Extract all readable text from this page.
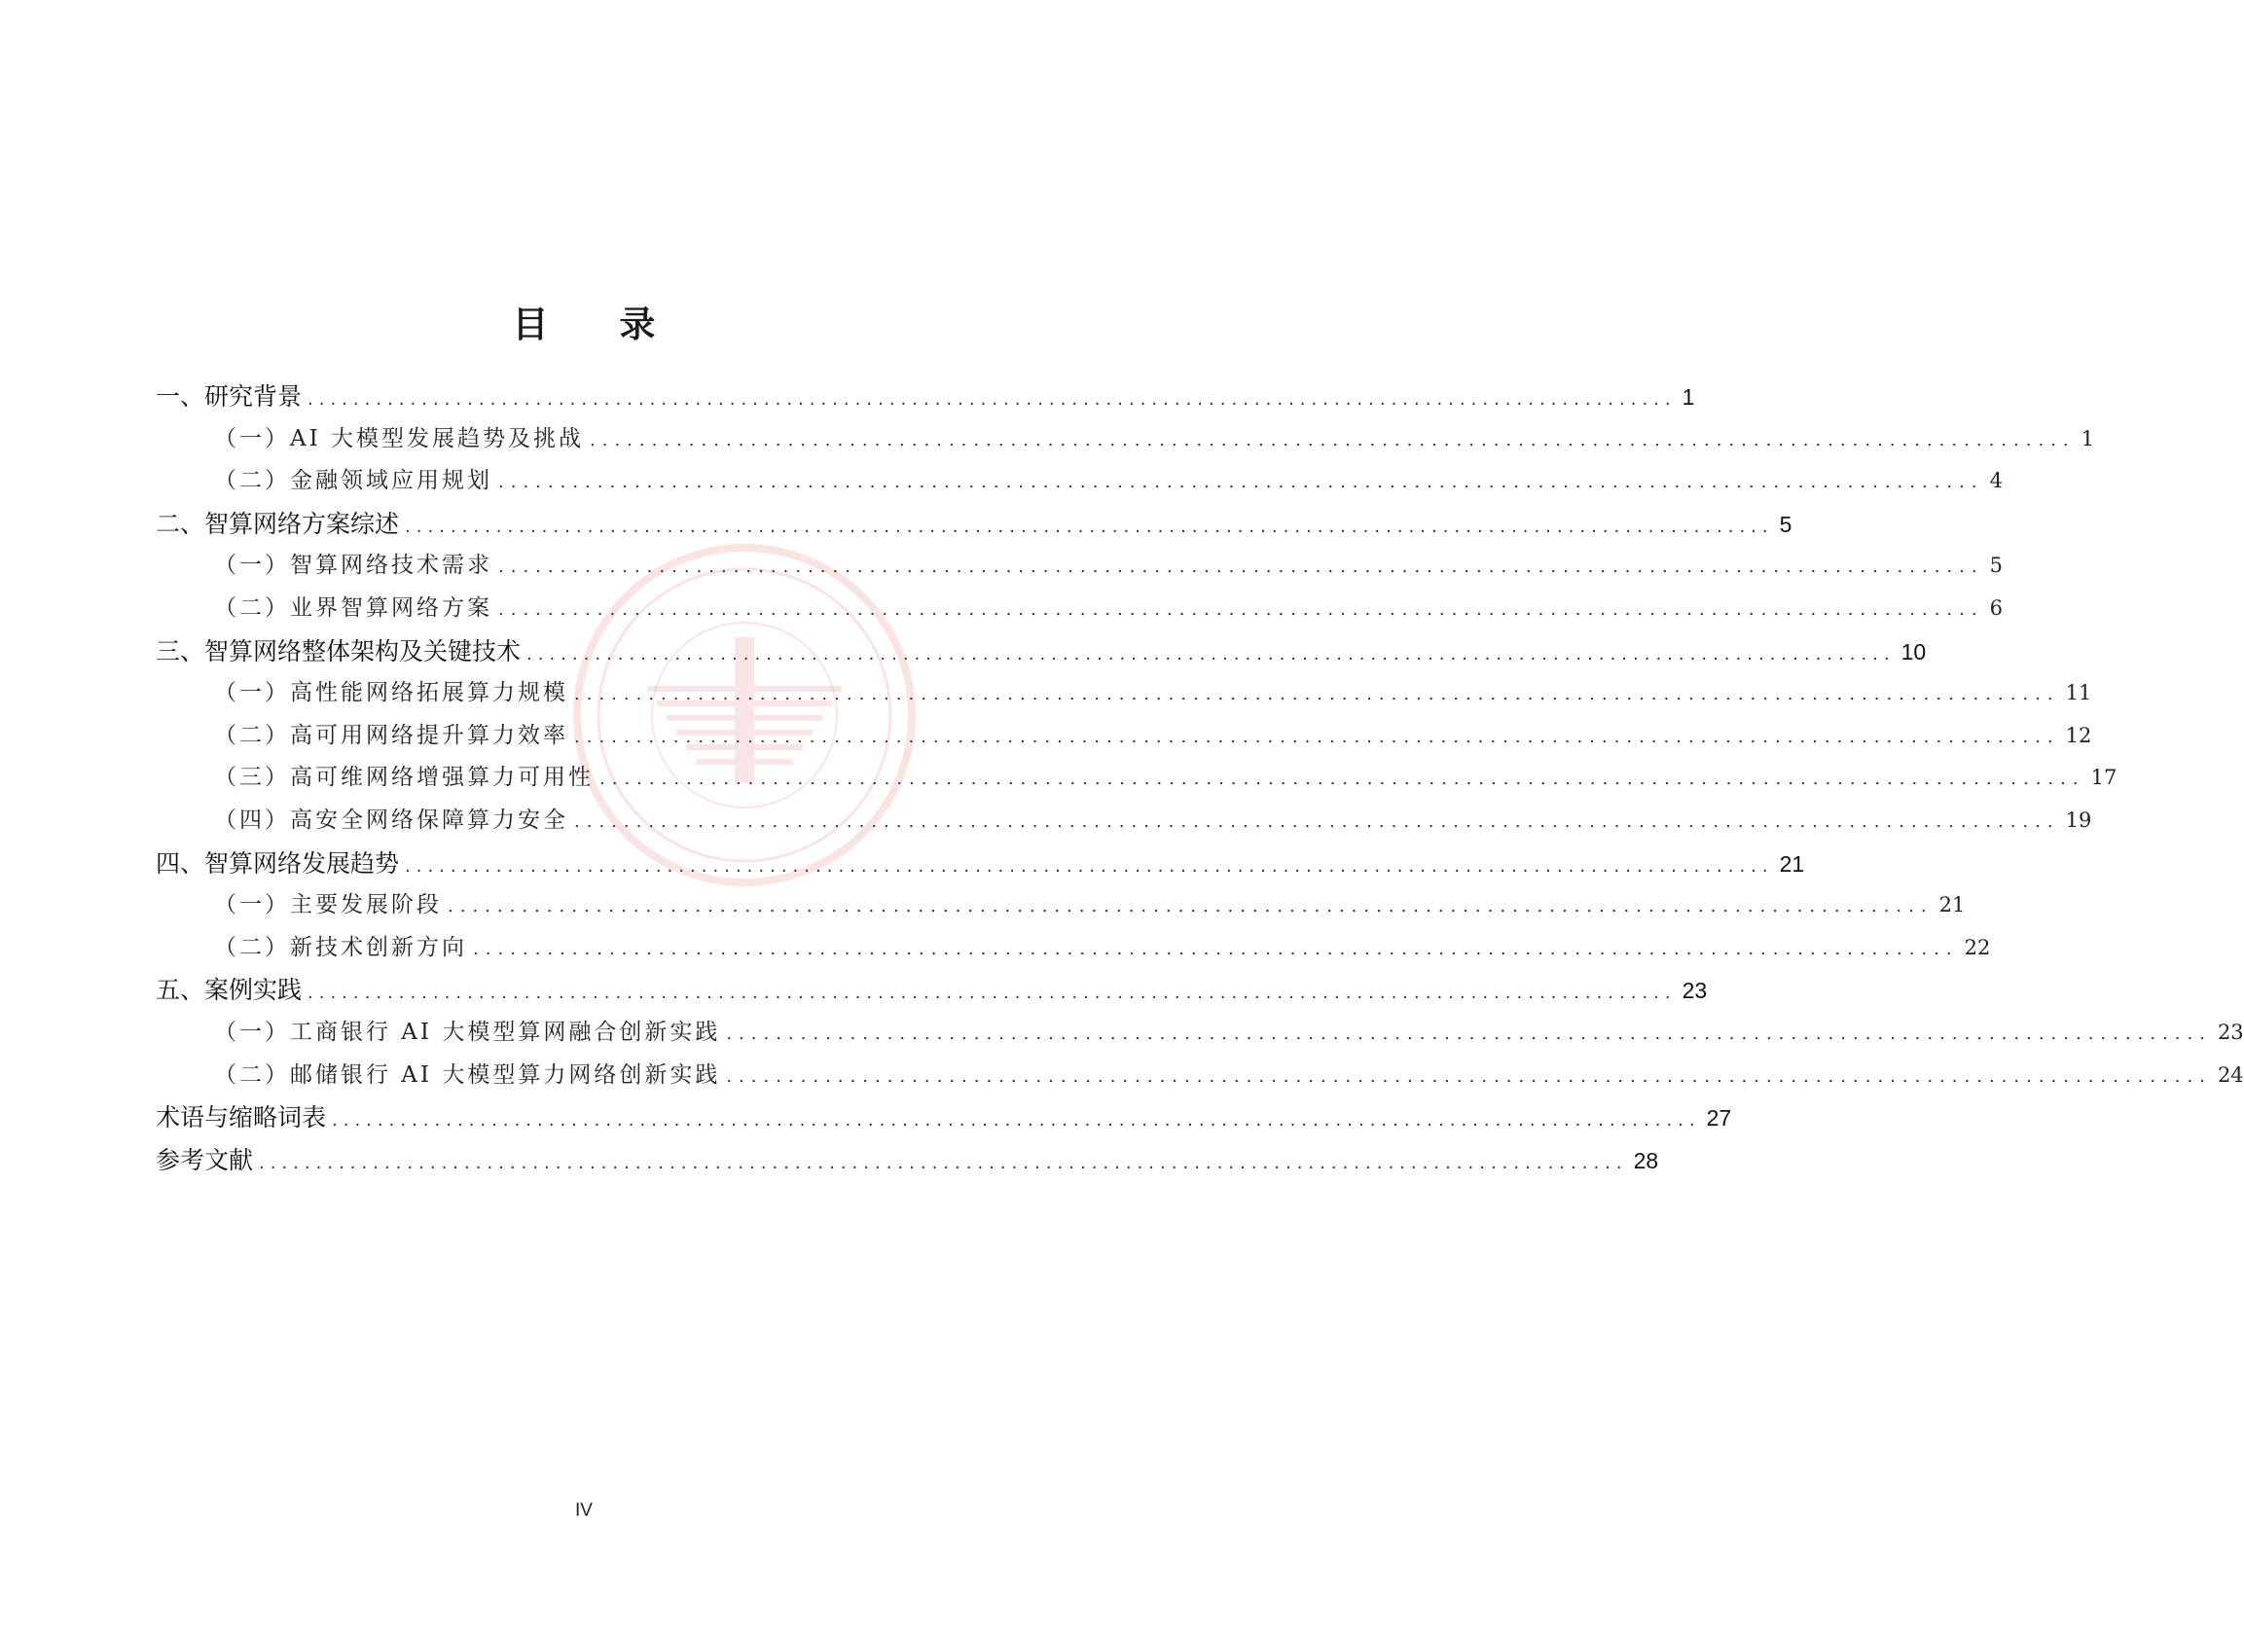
目 录
一、研究背景 ........................................................................................................................ 1
（一）AI 大模型发展趋势及挑战 ........................................................................................................................ 1
（二）金融领域应用规划 ........................................................................................................................ 4
二、智算网络方案综述 ........................................................................................................................ 5
（一）智算网络技术需求 ........................................................................................................................ 5
（二）业界智算网络方案 ........................................................................................................................ 6
三、智算网络整体架构及关键技术 ........................................................................................................................ 10
（一）高性能网络拓展算力规模 ........................................................................................................................ 11
（二）高可用网络提升算力效率 ........................................................................................................................ 12
（三）高可维网络增强算力可用性 ........................................................................................................................ 17
（四）高安全网络保障算力安全 ........................................................................................................................ 19
四、智算网络发展趋势 ........................................................................................................................ 21
（一）主要发展阶段 ........................................................................................................................ 21
（二）新技术创新方向 ........................................................................................................................ 22
五、案例实践 ........................................................................................................................ 23
（一）工商银行 AI 大模型算网融合创新实践 ........................................................................................................................ 23
（二）邮储银行 AI 大模型算力网络创新实践 ........................................................................................................................ 24
术语与缩略词表 ........................................................................................................................ 27
参考文献 ........................................................................................................................ 28
IV
